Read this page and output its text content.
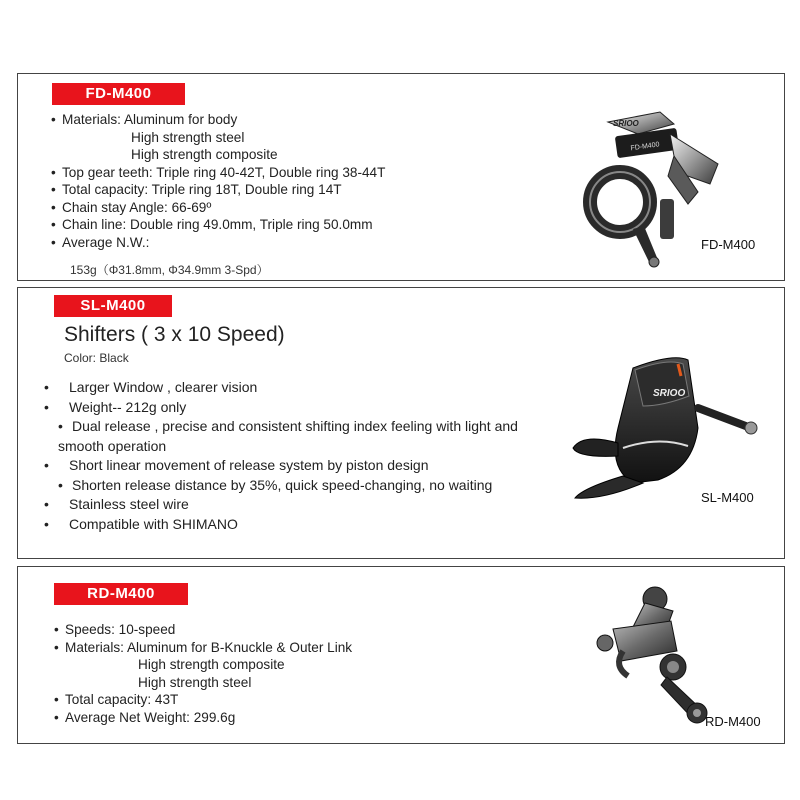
FD-M400
• Materials: Aluminum for body
High strength steel
High strength composite
• Top gear teeth: Triple ring 40-42T, Double ring 38-44T
• Total capacity: Triple ring 18T, Double ring 14T
• Chain stay Angle: 66-69º
• Chain line: Double ring 49.0mm, Triple ring 50.0mm
• Average N.W.:
153g（Φ31.8mm, Φ34.9mm 3-Spd）
FD-M400
SRIOO
FD-M400
SL-M400
Shifters ( 3 x 10 Speed)
Color: Black
• Larger Window , clearer vision
• Weight-- 212g only
• Dual release , precise and consistent shifting index feeling with light and smooth operation
• Short linear movement of release system by piston design
• Shorten release distance by 35%, quick speed-changing, no waiting
• Stainless steel wire
• Compatible with SHIMANO
SRIOO
SL-M400
RD-M400
• Speeds: 10-speed
• Materials: Aluminum for B-Knuckle & Outer Link
High strength composite
High strength steel
• Total capacity: 43T
• Average Net Weight: 299.6g	RD-M400
